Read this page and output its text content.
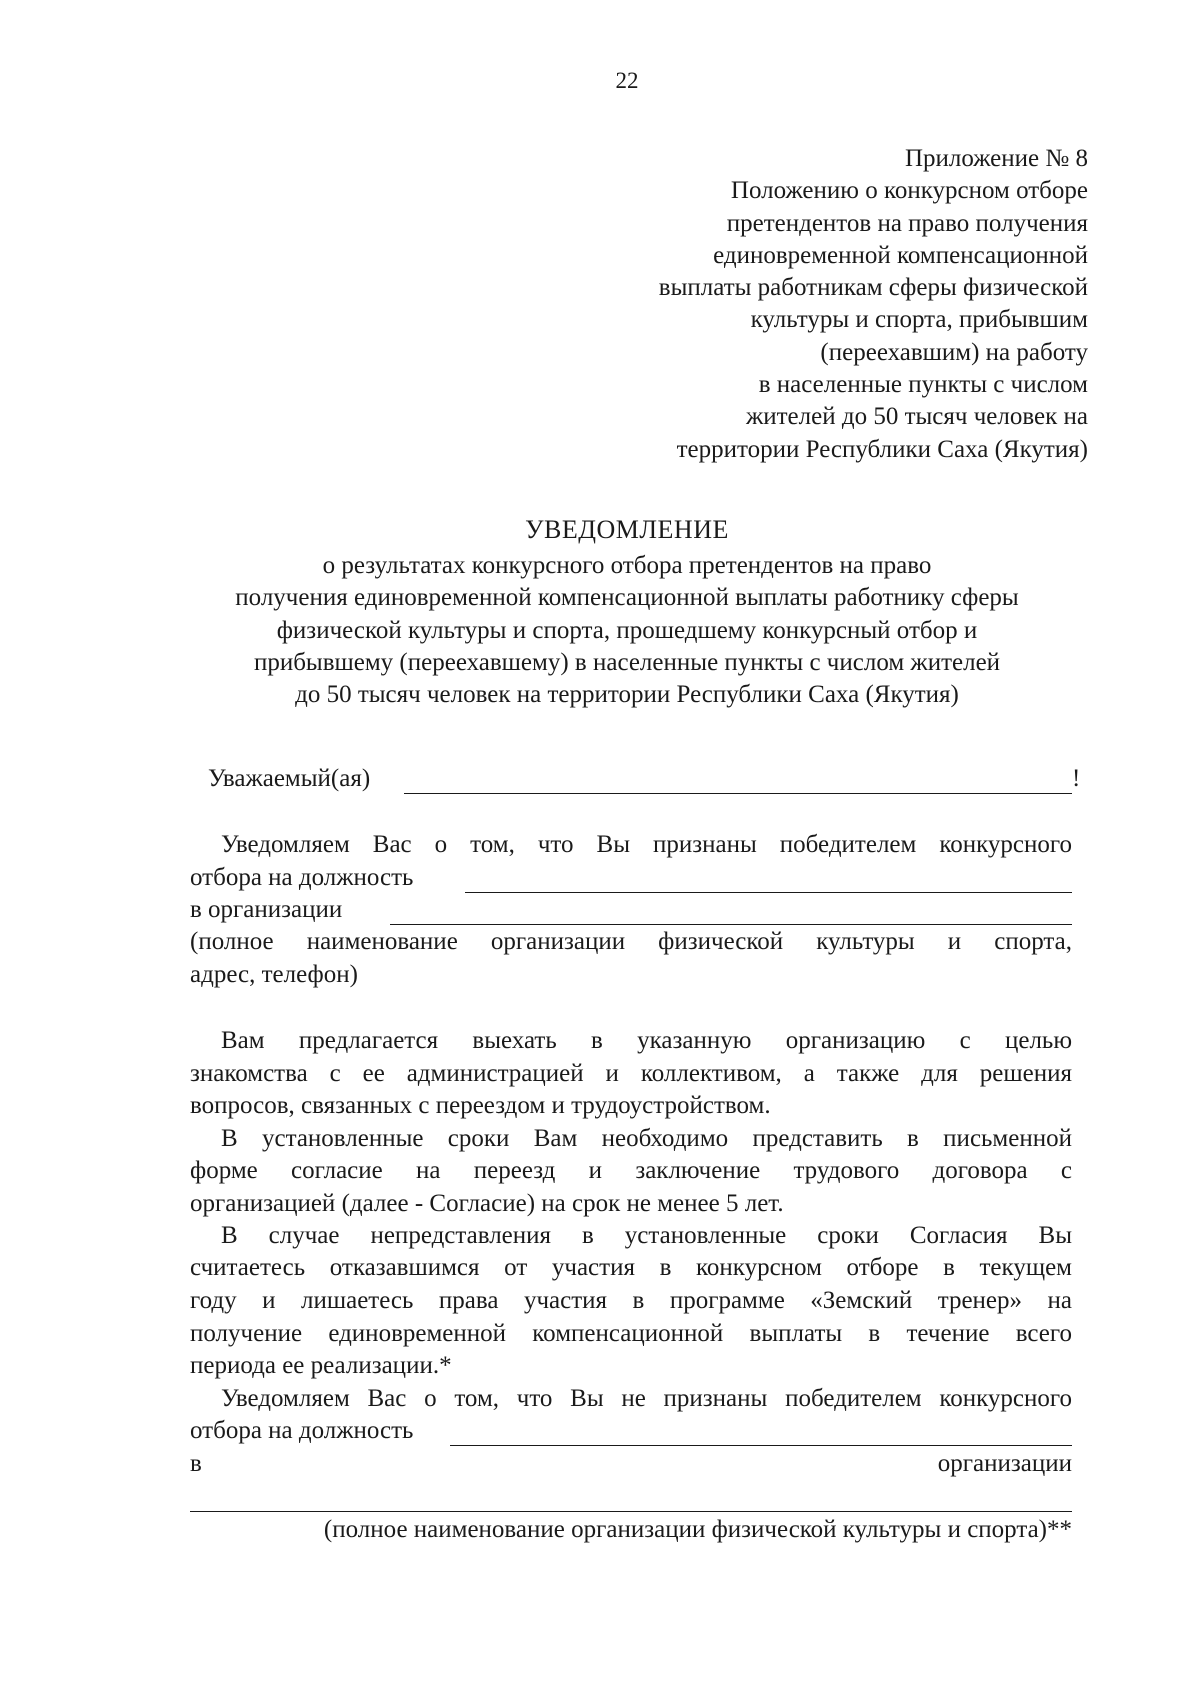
22
Приложение № 8
Положению о конкурсном отборе
претендентов на право получения
единовременной компенсационной
выплаты работникам сферы физической
культуры и спорта, прибывшим
(переехавшим) на работу
в населенные пункты с числом
жителей до 50 тысяч человек на
территории Республики Саха (Якутия)
УВЕДОМЛЕНИЕ
о результатах конкурсного отбора претендентов на право
получения единовременной компенсационной выплаты работнику сферы
физической культуры и спорта, прошедшему конкурсный отбор и
прибывшему (переехавшему) в населенные пункты с числом жителей
до 50 тысяч человек на территории Республики Саха (Якутия)
Уважаемый(ая)	!
Уведомляем Вас о том, что Вы признаны победителем конкурсного
отбора на должность
в организации
(полное наименование организации физической культуры и спорта,
адрес, телефон)
Вам предлагается выехать в указанную организацию с целью
знакомства с ее администрацией и коллективом, а также для решения
вопросов, связанных с переездом и трудоустройством.
В установленные сроки Вам необходимо представить в письменной
форме согласие на переезд и заключение трудового договора с
организацией (далее - Согласие) на срок не менее 5 лет.
В случае непредставления в установленные сроки Согласия Вы
считаетесь отказавшимся от участия в конкурсном отборе в текущем
году и лишаетесь права участия в программе «Земский тренер» на
получение единовременной компенсационной выплаты в течение всего
периода ее реализации.*
Уведомляем Вас о том, что Вы не признаны победителем конкурсного
отбора на должность
в	организации
(полное наименование организации физической культуры и спорта)**
